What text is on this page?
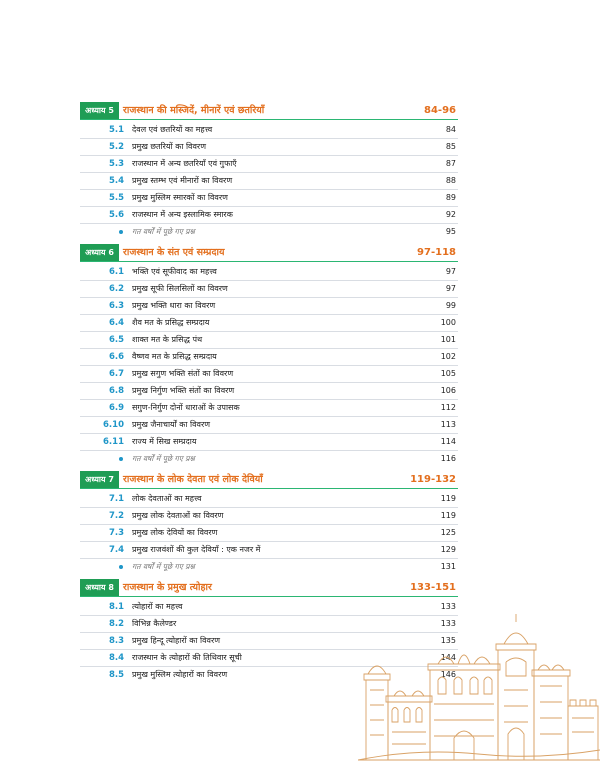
अध्याय 5 राजस्थान की मस्जिदें, मीनारें एवं छतरियाँ	84-96
5.1 देवल एवं छतरियों का महत्त्व	84
5.2 प्रमुख छतरियों का विवरण	85
5.3 राजस्थान में अन्य छतरियाँ एवं गुफाएँ	87
5.4 प्रमुख स्तम्भ एवं मीनारों का विवरण	88
5.5 प्रमुख मुस्लिम स्मारकों का विवरण	89
5.6 राजस्थान में अन्य इस्लामिक स्मारक	92
गत वर्षों में पूछे गए प्रश्न	95
अध्याय 6 राजस्थान के संत एवं सम्प्रदाय	97-118
6.1 भक्ति एवं सूफीवाद का महत्त्व	97
6.2 प्रमुख सूफी सिलसिलों का विवरण	97
6.3 प्रमुख भक्ति धारा का विवरण	99
6.4 शैव मत के प्रसिद्ध सम्प्रदाय	100
6.5 शाक्त मत के प्रसिद्ध पंथ	101
6.6 वैष्णव मत के प्रसिद्ध सम्प्रदाय	102
6.7 प्रमुख सगुण भक्ति संतों का विवरण	105
6.8 प्रमुख निर्गुण भक्ति संतों का विवरण	106
6.9 सगुण-निर्गुण दोनों धाराओं के उपासक	112
6.10 प्रमुख जैनाचार्यों का विवरण	113
6.11 राज्य में सिख सम्प्रदाय	114
गत वर्षों में पूछे गए प्रश्न	116
अध्याय 7 राजस्थान के लोक देवता एवं लोक देवियाँ	119-132
7.1 लोक देवताओं का महत्त्व	119
7.2 प्रमुख लोक देवताओं का विवरण	119
7.3 प्रमुख लोक देवियों का विवरण	125
7.4 प्रमुख राजवंशों की कुल देवियाँ : एक नजर में	129
गत वर्षों में पूछे गए प्रश्न	131
अध्याय 8 राजस्थान के प्रमुख त्योहार	133-151
8.1 त्योहारों का महत्त्व	133
8.2 विभिन्न कैलेण्डर	133
8.3 प्रमुख हिन्दू त्योहारों का विवरण	135
8.4 राजस्थान के त्योहारों की तिथिवार सूची	144
8.5 प्रमुख मुस्लिम त्योहारों का विवरण	146
